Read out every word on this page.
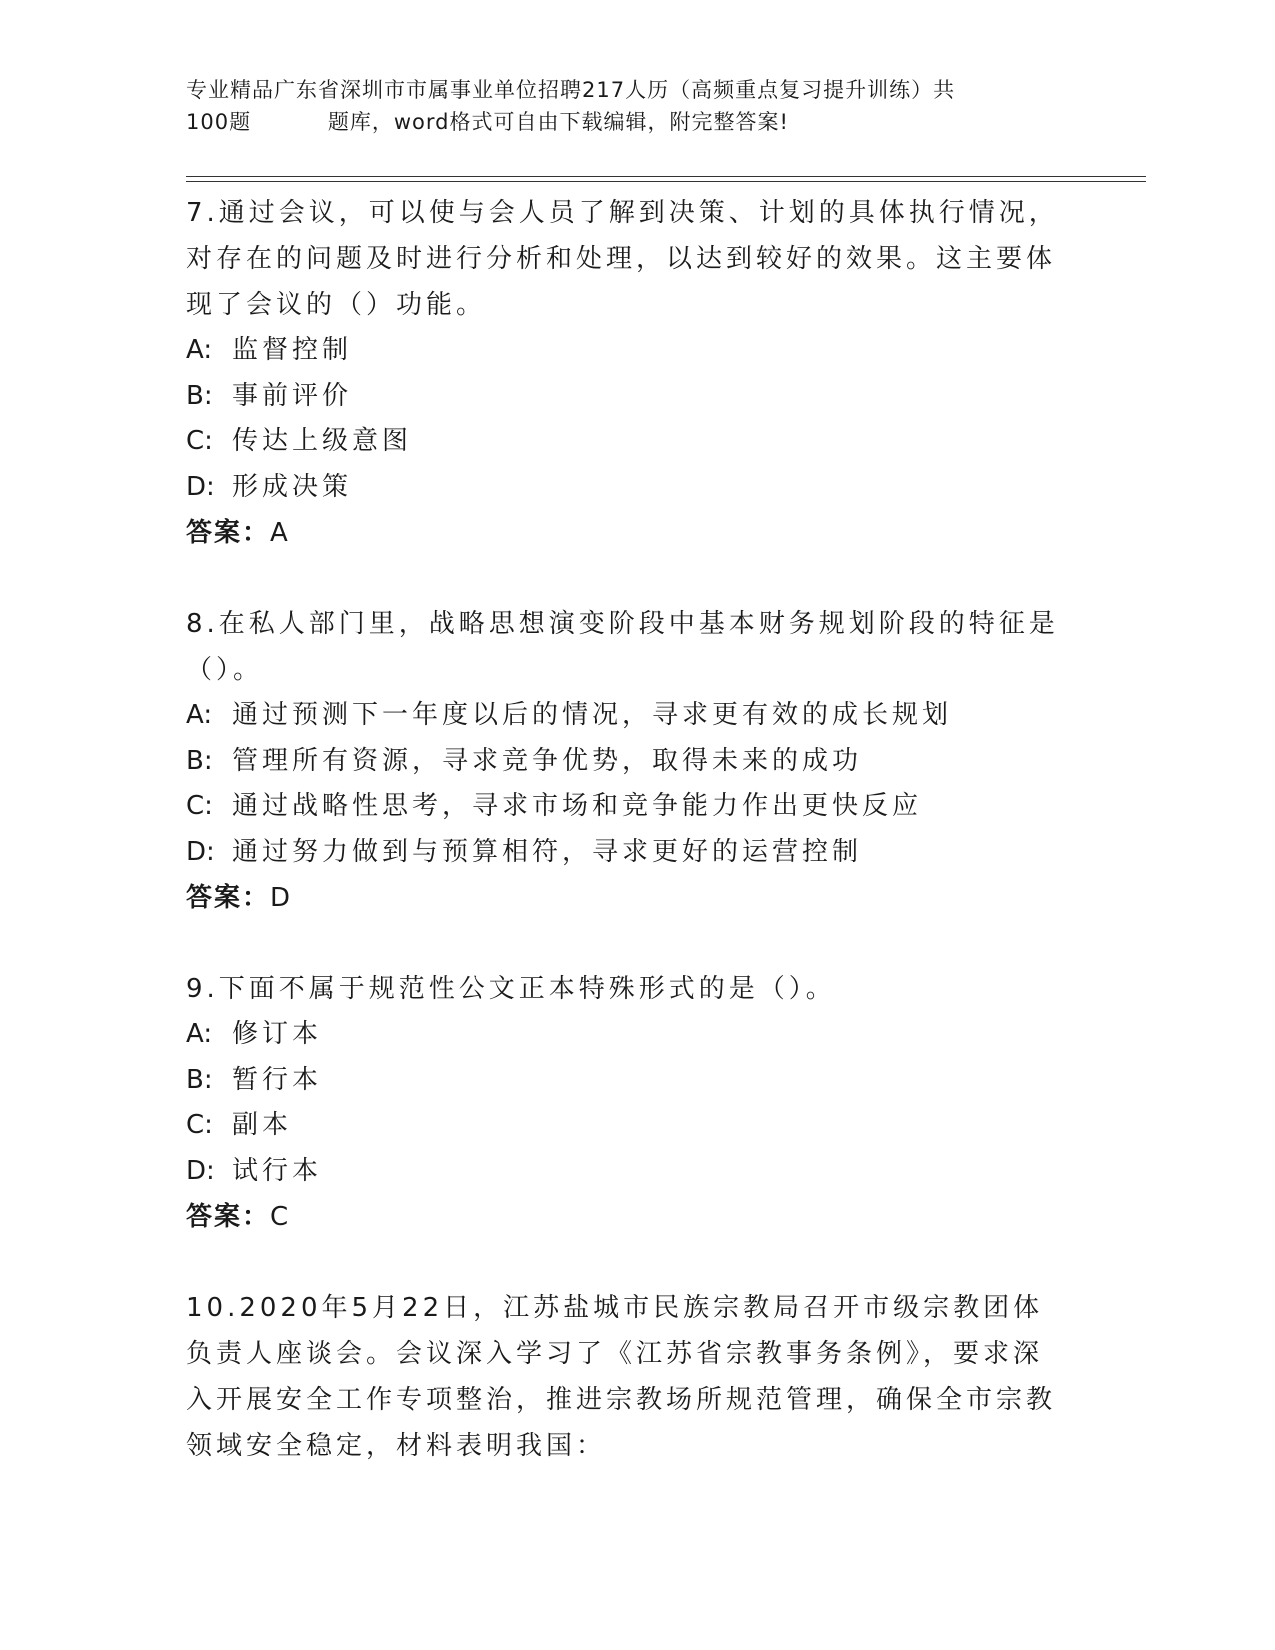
专业精品广东省深圳市市属事业单位招聘217人历（高频重点复习提升训练）共
100题          题库，word格式可自由下载编辑，附完整答案!
7.通过会议，可以使与会人员了解到决策、计划的具体执行情况，对存在的问题及时进行分析和处理，以达到较好的效果。这主要体现了会议的（）功能。
A: 监督控制
B: 事前评价
C: 传达上级意图
D: 形成决策
答案：A
8.在私人部门里，战略思想演变阶段中基本财务规划阶段的特征是（）。
A: 通过预测下一年度以后的情况，寻求更有效的成长规划
B: 管理所有资源，寻求竞争优势，取得未来的成功
C: 通过战略性思考，寻求市场和竞争能力作出更快反应
D: 通过努力做到与预算相符，寻求更好的运营控制
答案：D
9.下面不属于规范性公文正本特殊形式的是（）。
A: 修订本
B: 暂行本
C: 副本
D: 试行本
答案：C
10.2020年5月22日，江苏盐城市民族宗教局召开市级宗教团体负责人座谈会。会议深入学习了《江苏省宗教事务条例》，要求深入开展安全工作专项整治，推进宗教场所规范管理，确保全市宗教领域安全稳定，材料表明我国：
